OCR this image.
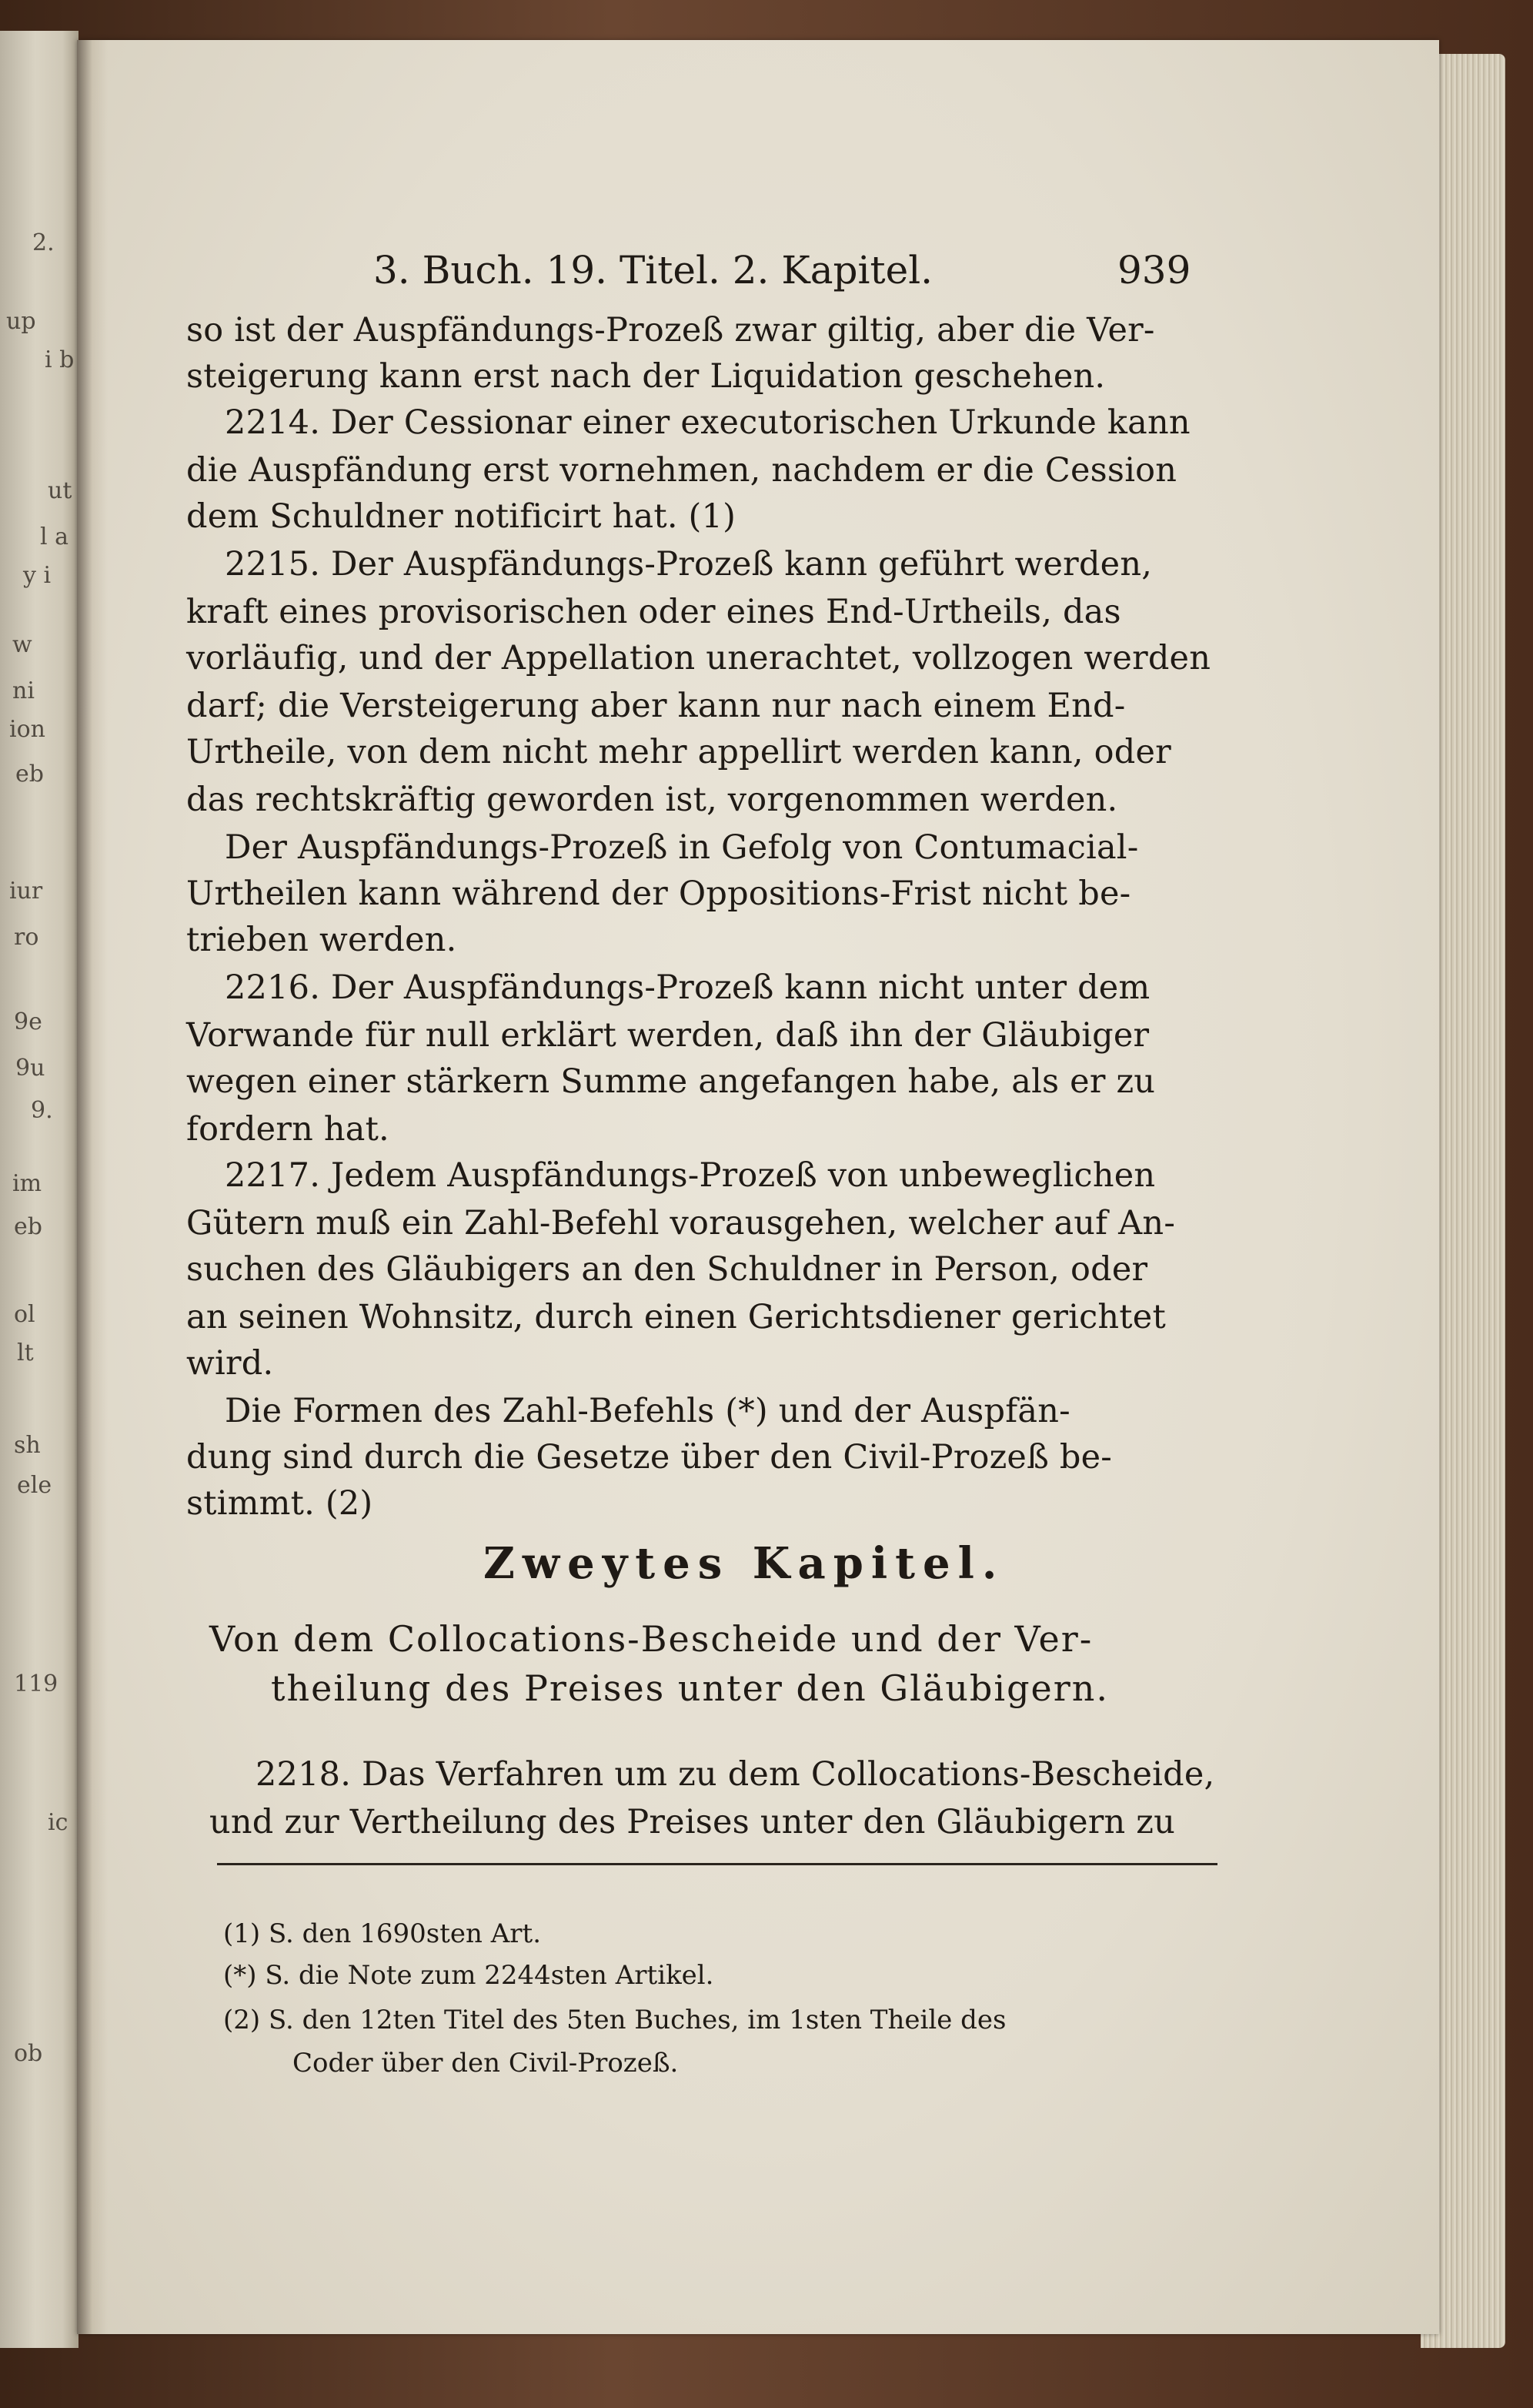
2.
up
i b
ut
l a
y i
w
ni
ion
eb
iur
ro
9e
9u
9.
im
eb
ol
lt
sh
ele
119
ic
ob
3. Buch. 19. Titel. 2. Kapitel.	939
so ist der Auspfändungs-Prozeß zwar giltig, aber die Ver-
steigerung kann erst nach der Liquidation geschehen.
2214. Der Cessionar einer executorischen Urkunde kann
die Auspfändung erst vornehmen, nachdem er die Cession
dem Schuldner notificirt hat. (1)
2215. Der Auspfändungs-Prozeß kann geführt werden,
kraft eines provisorischen oder eines End-Urtheils, das
vorläufig, und der Appellation unerachtet, vollzogen werden
darf; die Versteigerung aber kann nur nach einem End-
Urtheile, von dem nicht mehr appellirt werden kann, oder
das rechtskräftig geworden ist, vorgenommen werden.
Der Auspfändungs-Prozeß in Gefolg von Contumacial-
Urtheilen kann während der Oppositions-Frist nicht be-
trieben werden.
2216. Der Auspfändungs-Prozeß kann nicht unter dem
Vorwande für null erklärt werden, daß ihn der Gläubiger
wegen einer stärkern Summe angefangen habe, als er zu
fordern hat.
2217. Jedem Auspfändungs-Prozeß von unbeweglichen
Gütern muß ein Zahl-Befehl vorausgehen, welcher auf An-
suchen des Gläubigers an den Schuldner in Person, oder
an seinen Wohnsitz, durch einen Gerichtsdiener gerichtet
wird.
Die Formen des Zahl-Befehls (*) und der Auspfän-
dung sind durch die Gesetze über den Civil-Prozeß be-
stimmt. (2)
Zweytes Kapitel.
Von dem Collocations-Bescheide und der Ver-
theilung des Preises unter den Gläubigern.
2218. Das Verfahren um zu dem Collocations-Bescheide,
und zur Vertheilung des Preises unter den Gläubigern zu
(1) S. den 1690sten Art.
(*) S. die Note zum 2244sten Artikel.
(2) S. den 12ten Titel des 5ten Buches, im 1sten Theile des
Coder über den Civil-Prozeß.
